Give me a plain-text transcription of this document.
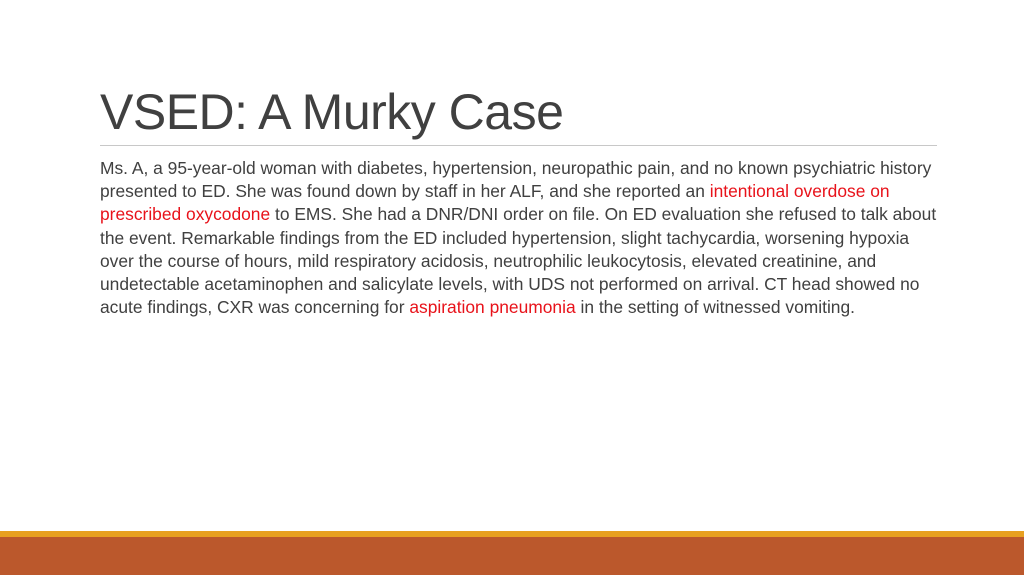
VSED: A Murky Case

Ms. A, a 95-year-old woman with diabetes, hypertension, neuropathic pain, and no known psychiatric history presented to ED. She was found down by staff in her ALF, and she reported an intentional overdose on prescribed oxycodone to EMS. She had a DNR/DNI order on file. On ED evaluation she refused to talk about the event. Remarkable findings from the ED included hypertension, slight tachycardia, worsening hypoxia over the course of hours, mild respiratory acidosis, neutrophilic leukocytosis, elevated creatinine, and undetectable acetaminophen and salicylate levels, with UDS not performed on arrival. CT head showed no acute findings, CXR was concerning for aspiration pneumonia in the setting of witnessed vomiting.
